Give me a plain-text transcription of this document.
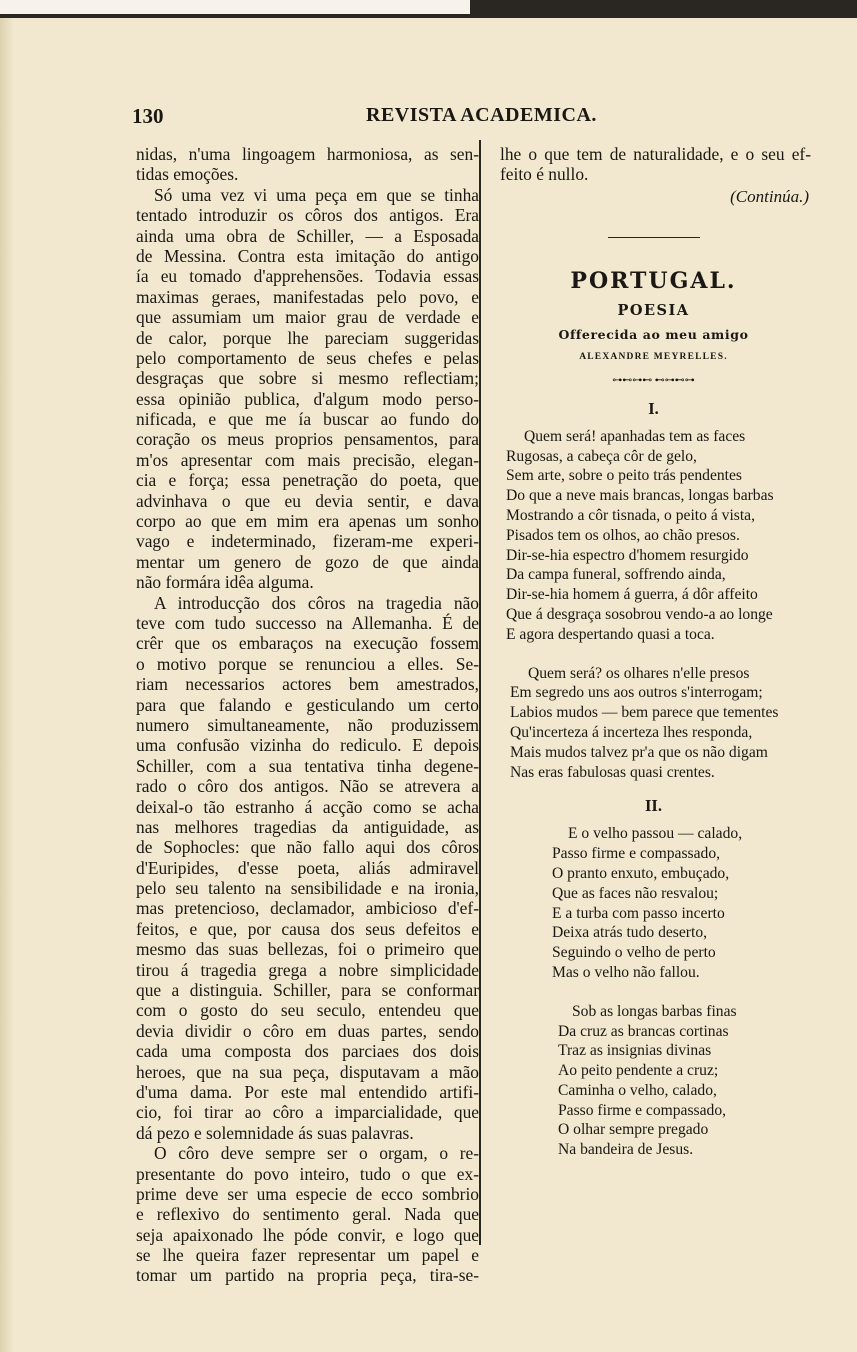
130	REVISTA ACADEMICA.
nidas, n'uma lingoagem harmoniosa, as sen-
tidas emoções.
Só uma vez vi uma peça em que se tinha
tentado introduzir os côros dos antigos. Era
ainda uma obra de Schiller, — a Esposada
de Messina. Contra esta imitação do antigo
ía eu tomado d'apprehensões. Todavia essas
maximas geraes, manifestadas pelo povo, e
que assumiam um maior grau de verdade e
de calor, porque lhe pareciam suggeridas
pelo comportamento de seus chefes e pelas
desgraças que sobre si mesmo reflectiam;
essa opinião publica, d'algum modo perso-
nificada, e que me ía buscar ao fundo do
coração os meus proprios pensamentos, para
m'os apresentar com mais precisão, elegan-
cia e força; essa penetração do poeta, que
advinhava o que eu devia sentir, e dava
corpo ao que em mim era apenas um sonho
vago e indeterminado, fizeram-me experi-
mentar um genero de gozo de que ainda
não formára idêa alguma.
A introducção dos côros na tragedia não
teve com tudo successo na Allemanha. É de
crêr que os embaraços na execução fossem
o motivo porque se renunciou a elles. Se-
riam necessarios actores bem amestrados,
para que falando e gesticulando um certo
numero simultaneamente, não produzissem
uma confusão vizinha do rediculo. E depois
Schiller, com a sua tentativa tinha degene-
rado o côro dos antigos. Não se atrevera a
deixal-o tão estranho á acção como se acha
nas melhores tragedias da antiguidade, as
de Sophocles: que não fallo aqui dos côros
d'Euripides, d'esse poeta, aliás admiravel
pelo seu talento na sensibilidade e na ironia,
mas pretencioso, declamador, ambicioso d'ef-
feitos, e que, por causa dos seus defeitos e
mesmo das suas bellezas, foi o primeiro que
tirou á tragedia grega a nobre simplicidade
que a distinguia. Schiller, para se conformar
com o gosto do seu seculo, entendeu que
devia dividir o côro em duas partes, sendo
cada uma composta dos parciaes dos dois
heroes, que na sua peça, disputavam a mão
d'uma dama. Por este mal entendido artifi-
cio, foi tirar ao côro a imparcialidade, que
dá pezo e solemnidade ás suas palavras.
O côro deve sempre ser o orgam, o re-
presentante do povo inteiro, tudo o que ex-
prime deve ser uma especie de ecco sombrio
e reflexivo do sentimento geral. Nada que
seja apaixonado lhe póde convir, e logo que
se lhe queira fazer representar um papel e
tomar um partido na propria peça, tira-se-
lhe o que tem de naturalidade, e o seu ef-
feito é nullo.
(Continúa.)
PORTUGAL.
POESIA
Offerecida ao meu amigo
ALEXANDRE MEYRELLES.
⊶⊷⊶⊷ ⊷⊶⊷⊶
I.
Quem será! apanhadas tem as faces
Rugosas, a cabeça côr de gelo,
Sem arte, sobre o peito trás pendentes
Do que a neve mais brancas, longas barbas
Mostrando a côr tisnada, o peito á vista,
Pisados tem os olhos, ao chão presos.
Dir-se-hia espectro d'homem resurgido
Da campa funeral, soffrendo ainda,
Dir-se-hia homem á guerra, á dôr affeito
Que á desgraça sosobrou vendo-a ao longe
E agora despertando quasi a toca.
Quem será? os olhares n'elle presos
Em segredo uns aos outros s'interrogam;
Labios mudos — bem parece que tementes
Qu'incerteza á incerteza lhes responda,
Mais mudos talvez pr'a que os não digam
Nas eras fabulosas quasi crentes.
II.
E o velho passou — calado,
Passo firme e compassado,
O pranto enxuto, embuçado,
Que as faces não resvalou;
E a turba com passo incerto
Deixa atrás tudo deserto,
Seguindo o velho de perto
Mas o velho não fallou.
Sob as longas barbas finas
Da cruz as brancas cortinas
Traz as insignias divinas
Ao peito pendente a cruz;
Caminha o velho, calado,
Passo firme e compassado,
O olhar sempre pregado
Na bandeira de Jesus.
